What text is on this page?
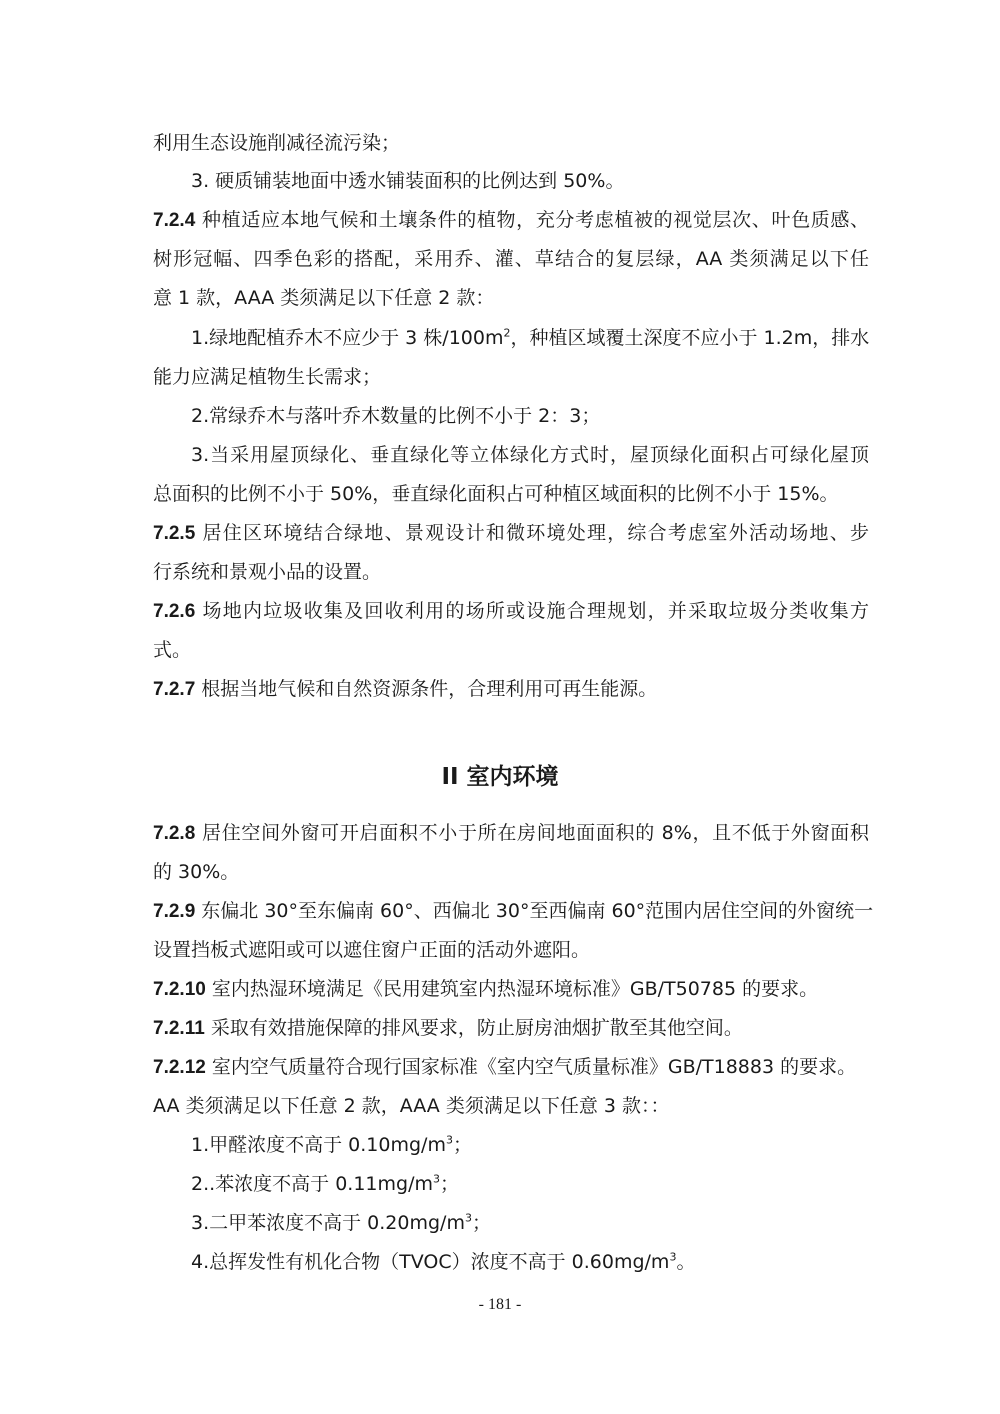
利用生态设施削减径流污染；
3. 硬质铺装地面中透水铺装面积的比例达到 50%。
7.2.4 种植适应本地气候和土壤条件的植物，充分考虑植被的视觉层次、叶色质感、
树形冠幅、四季色彩的搭配，采用乔、灌、草结合的复层绿，AA 类须满足以下任
意 1 款，AAA 类须满足以下任意 2 款：
1.绿地配植乔木不应少于 3 株$/100m^2$，种植区域覆土深度不应小于 1.2m，排水
能力应满足植物生长需求；
2.常绿乔木与落叶乔木数量的比例不小于 2：3；
3.当采用屋顶绿化、垂直绿化等立体绿化方式时，屋顶绿化面积占可绿化屋顶
总面积的比例不小于 50%，垂直绿化面积占可种植区域面积的比例不小于 15%。
7.2.5 居住区环境结合绿地、景观设计和微环境处理，综合考虑室外活动场地、步
行系统和景观小品的设置。
7.2.6 场地内垃圾收集及回收利用的场所或设施合理规划，并采取垃圾分类收集方
式。
7.2.7 根据当地气候和自然资源条件，合理利用可再生能源。
II 室内环境
7.2.8 居住空间外窗可开启面积不小于所在房间地面面积的 8%，且不低于外窗面积
的 30%。
7.2.9 东偏北 30°至东偏南 60°、西偏北 30°至西偏南 60°范围内居住空间的外窗统一
设置挡板式遮阳或可以遮住窗户正面的活动外遮阳。
7.2.10 室内热湿环境满足《民用建筑室内热湿环境标准》GB/T50785 的要求。
7.2.11 采取有效措施保障的排风要求，防止厨房油烟扩散至其他空间。
7.2.12 室内空气质量符合现行国家标准《室内空气质量标准》GB/T18883 的要求。
AA 类须满足以下任意 2 款，AAA 类须满足以下任意 3 款：：
1.甲醛浓度不高于 $0.10mg/m^3$；
2..苯浓度不高于 $0.11mg/m^3$；
3.二甲苯浓度不高于 $0.20mg/m^3$；
4.总挥发性有机化合物（TVOC）浓度不高于 $0.60mg/m^3$。
- 181 -
